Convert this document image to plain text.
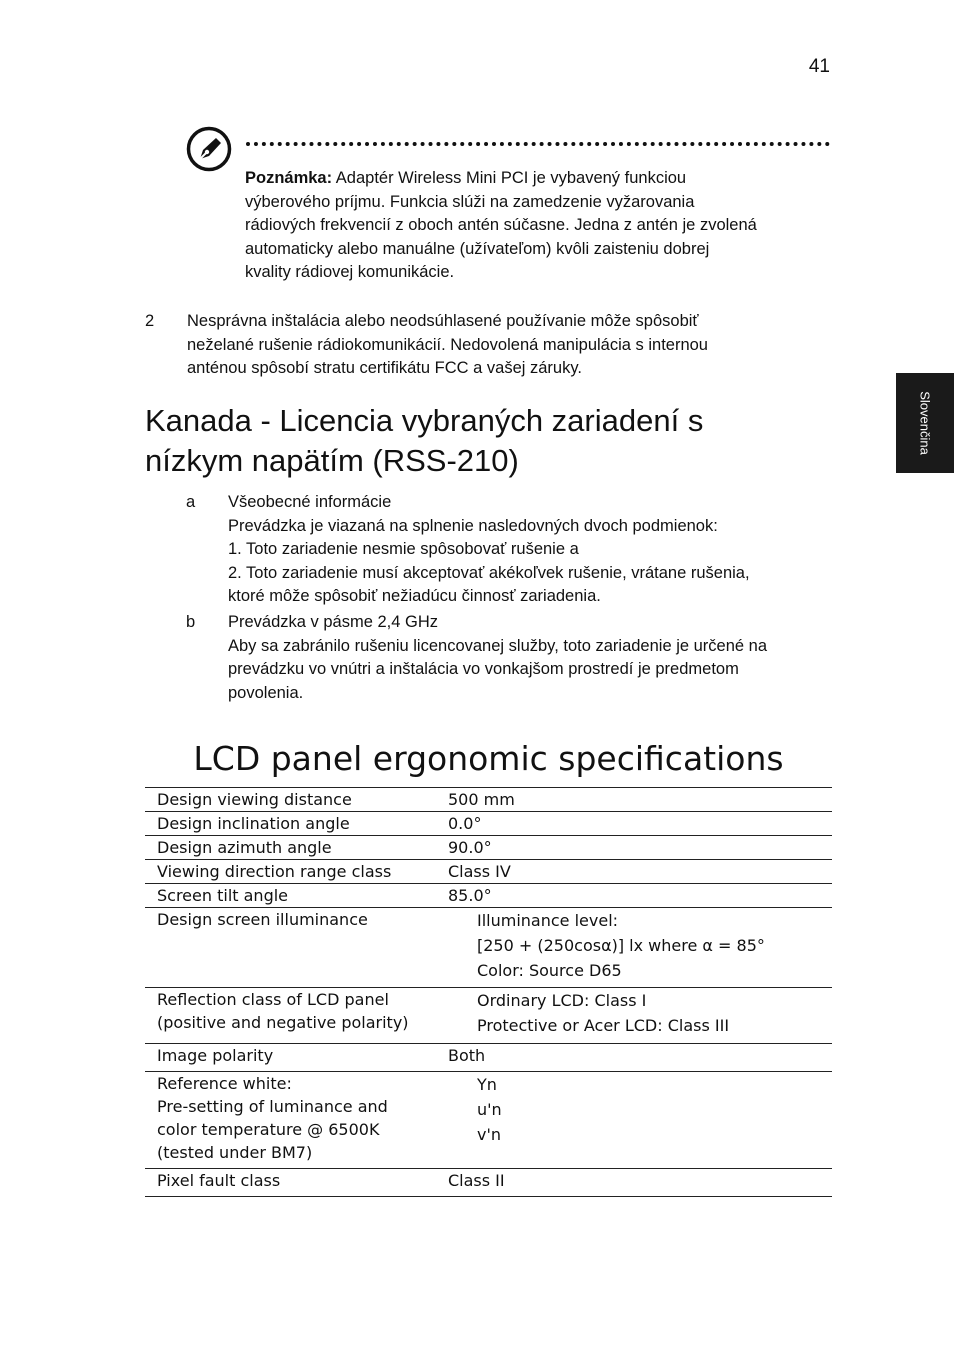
41
Poznámka: Adaptér Wireless Mini PCI je vybavený funkciou
výberového príjmu. Funkcia slúži na zamedzenie vyžarovania
rádiových frekvencií z oboch antén súčasne. Jedna z antén je zvolená
automaticky alebo manuálne (užívateľom) kvôli zaisteniu dobrej
kvality rádiovej komunikácie.
2 Nesprávna inštalácia alebo neodsúhlasené používanie môže spôsobiť
neželané rušenie rádiokomunikácií. Nedovolená manipulácia s internou
anténou spôsobí stratu certifikátu FCC a vašej záruky.
Slovenčina
Kanada - Licencia vybraných zariadení s
nízkym napätím (RSS-210)
a Všeobecné informácie
Prevádzka je viazaná na splnenie nasledovných dvoch podmienok:
1. Toto zariadenie nesmie spôsobovať rušenie a
2. Toto zariadenie musí akceptovať akékoľvek rušenie, vrátane rušenia,
ktoré môže spôsobiť nežiadúcu činnosť zariadenia.
b Prevádzka v pásme 2,4 GHz
Aby sa zabránilo rušeniu licencovanej služby, toto zariadenie je určené na
prevádzku vo vnútri a inštalácia vo vonkajšom prostredí je predmetom
povolenia.
LCD panel ergonomic specifications
Design viewing distance	500 mm

Design inclination angle	0.0°

Design azimuth angle	90.0°

Viewing direction range class	Class IV

Screen tilt angle	85.0°

Design screen illuminance	Illuminance level:
[250 + (250cosα)] lx where α = 85°
Color: Source D65

Reflection class of LCD panel
(positive and negative polarity)	Ordinary LCD: Class I
Protective or Acer LCD: Class III

Image polarity	Both

Reference white:
Pre-setting of luminance and
color temperature @ 6500K
(tested under BM7)	Yn
u'n
v'n

Pixel fault class	Class II
